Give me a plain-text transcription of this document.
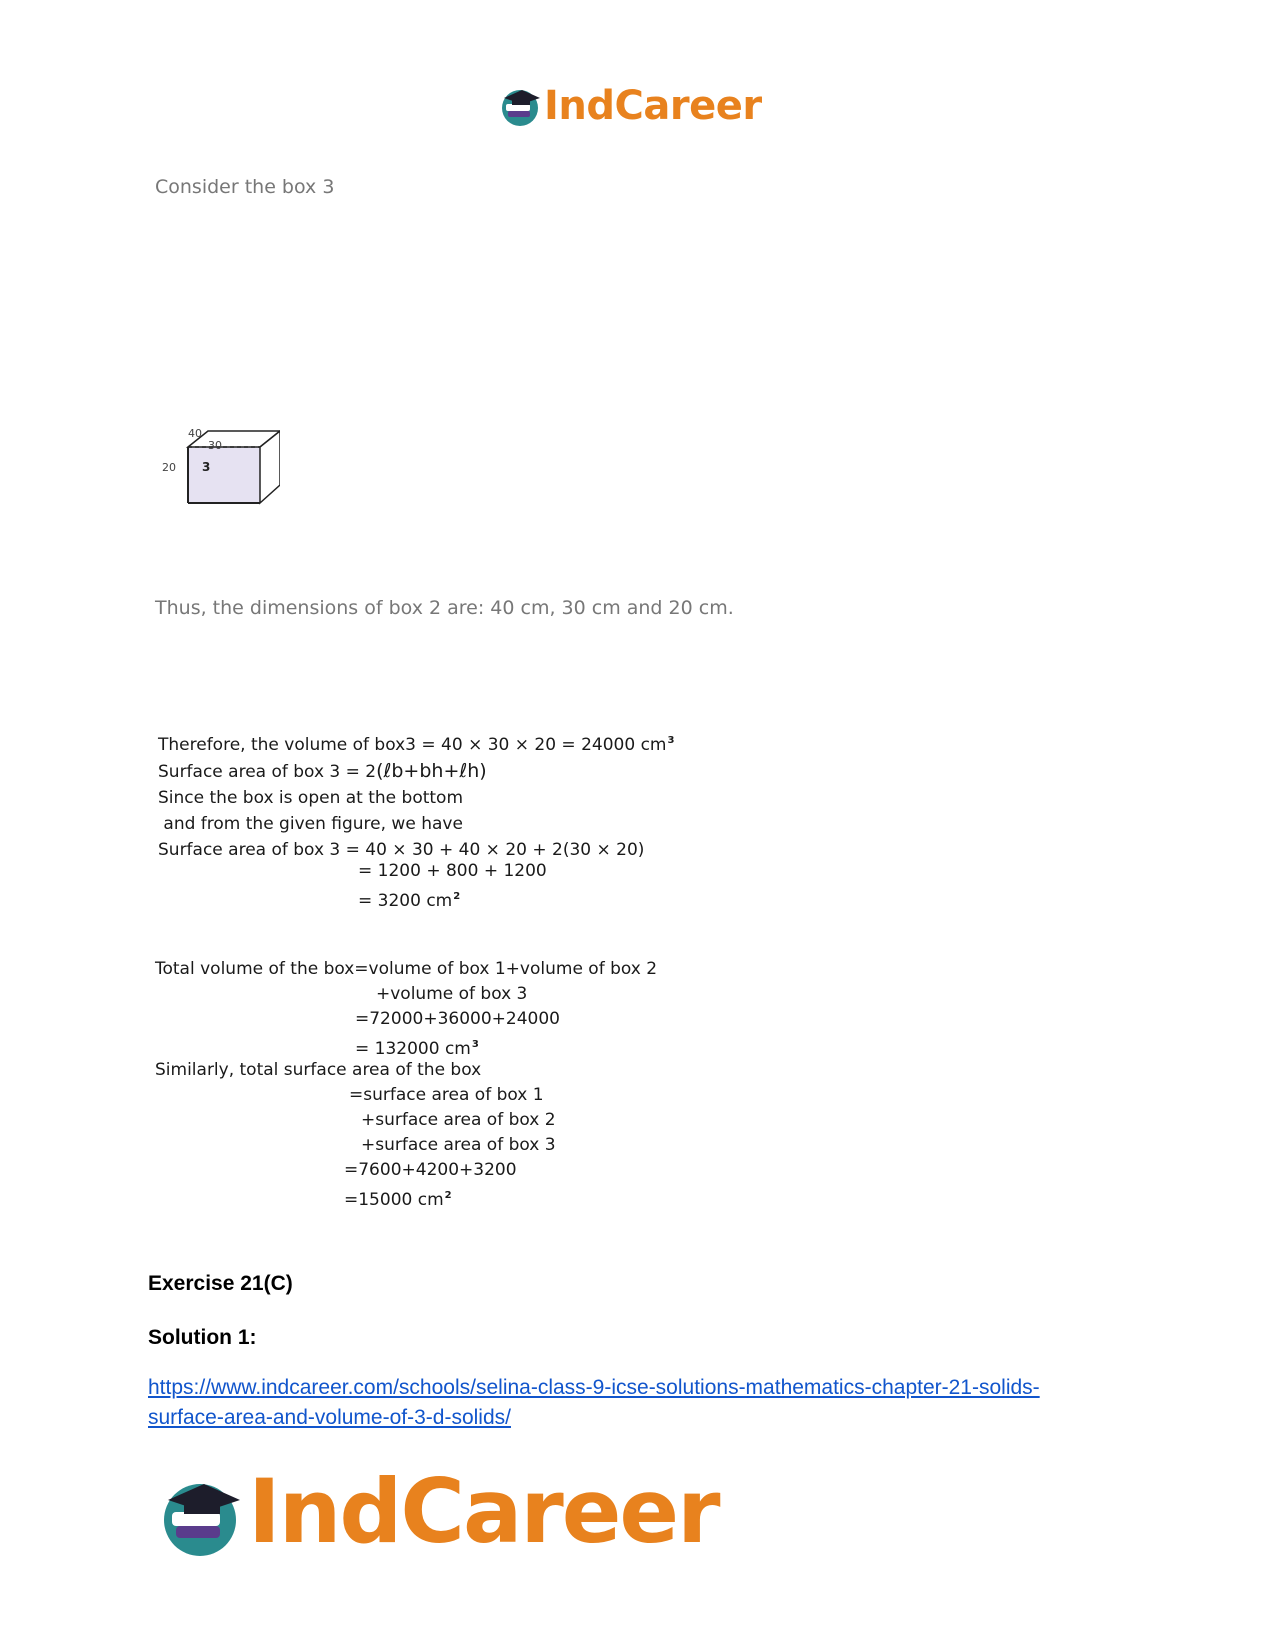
IndCareer
Consider the box 3
40
30
20 3
Thus, the dimensions of box 2 are: 40 cm, 30 cm and 20 cm.
Therefore, the volume of box3 = 40 × 30 × 20 = 24000 $cm^3$
Surface area of box 3 = 2(ℓb+bh+ℓh)
Since the box is open at the bottom
and from the given figure, we have
Surface area of box 3 = 40 × 30 + 40 × 20 + 2(30 × 20)
= 1200 + 800 + 1200
= 3200 $cm^2$
Total volume of the box=volume of box 1+volume of box 2
+volume of box 3
=72000+36000+24000
= 132000 $cm^3$
Similarly, total surface area of the box
=surface area of box 1
+surface area of box 2
+surface area of box 3
=7600+4200+3200
=15000 $cm^2$
Exercise 21(C)
Solution 1:
https://www.indcareer.com/schools/selina-class-9-icse-solutions-mathematics-chapter-21-solids-
surface-area-and-volume-of-3-d-solids/
IndCareer
